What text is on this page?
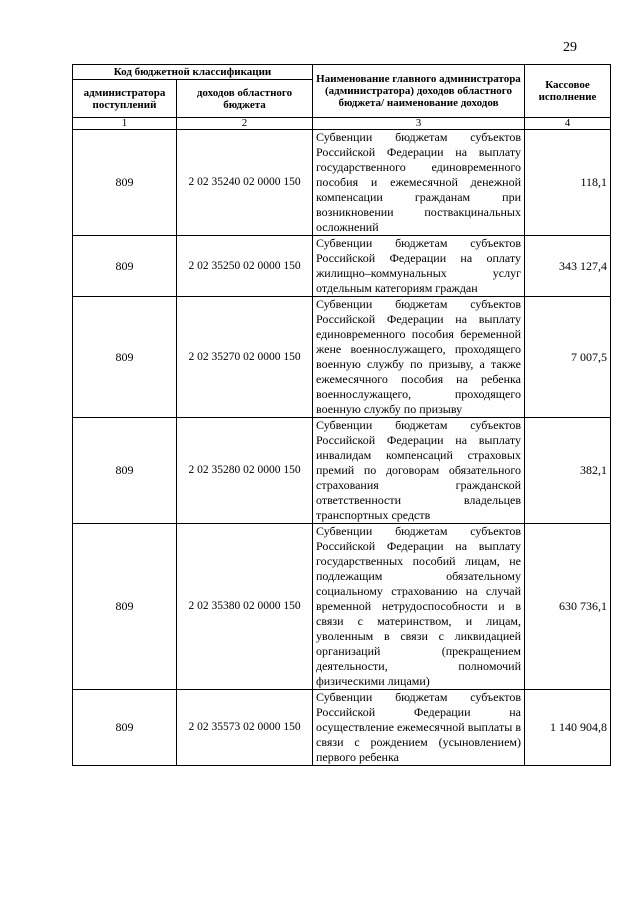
29
Код бюджетной классификации		Наименование главного администратора (администратора) доходов областного бюджета/ наименование доходов	Кассовое исполнение
администратора поступлений	доходов областного бюджета		
1	2	3	4
809	2 02 35240 02 0000 150	Субвенции бюджетам субъектов Российской Федерации на выплату государственного единовременного пособия и ежемесячной денежной компенсации гражданам при возникновении поствакцинальных осложнений	118,1
809	2 02 35250 02 0000 150	Субвенции бюджетам субъектов Российской Федерации на оплату жилищно–коммунальных услуг отдельным категориям граждан	343 127,4
809	2 02 35270 02 0000 150	Субвенции бюджетам субъектов Российской Федерации на выплату единовременного пособия беременной жене военнослужащего, проходящего военную службу по призыву, а также ежемесячного пособия на ребенка военнослужащего, проходящего военную службу по призыву	7 007,5
809	2 02 35280 02 0000 150	Субвенции бюджетам субъектов Российской Федерации на выплату инвалидам компенсаций страховых премий по договорам обязательного страхования гражданской ответственности владельцев транспортных средств	382,1
809	2 02 35380 02 0000 150	Субвенции бюджетам субъектов Российской Федерации на выплату государственных пособий лицам, не подлежащим обязательному социальному страхованию на случай временной нетрудоспособности и в связи с материнством, и лицам, уволенным в связи с ликвидацией организаций (прекращением деятельности, полномочий физическими лицами)	630 736,1
809	2 02 35573 02 0000 150	Субвенции бюджетам субъектов Российской Федерации на осуществление ежемесячной выплаты в связи с рождением (усыновлением) первого ребенка	1 140 904,8
